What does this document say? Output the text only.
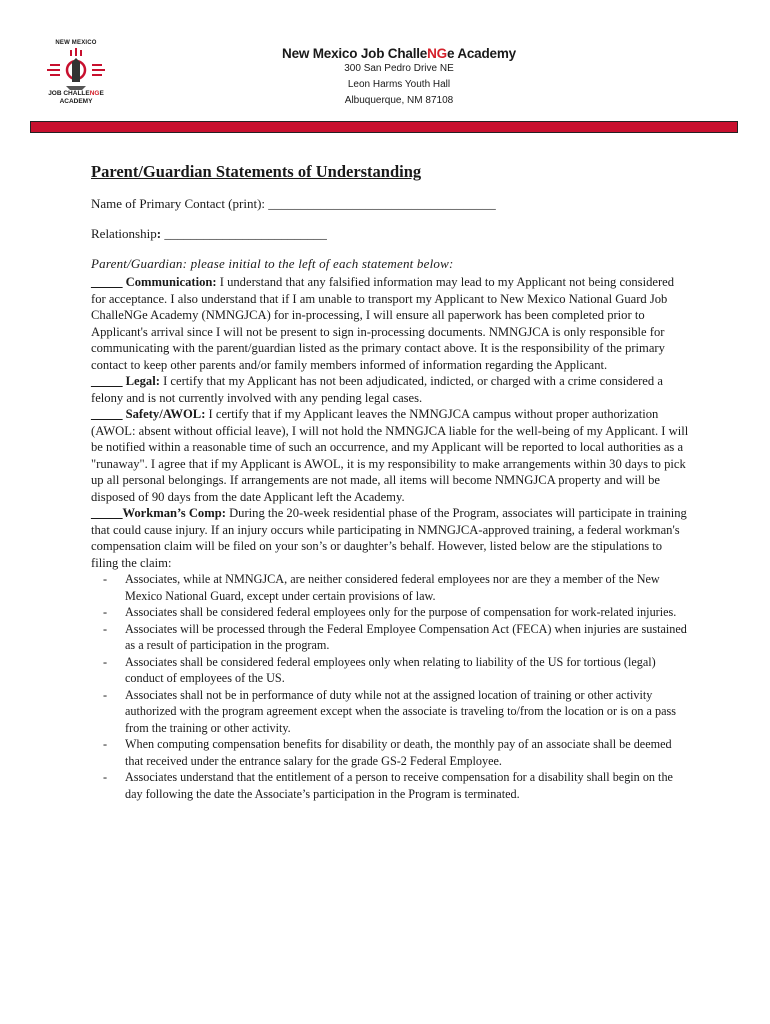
NEW MEXICO
JOB CHALLENGE
ACADEMY
New Mexico Job ChalleNGe Academy
300 San Pedro Drive NE
Leon Harms Youth Hall
Albuquerque, NM 87108
Parent/Guardian Statements of Understanding
Name of Primary Contact (print): ___________________________________
Relationship: _________________________
Parent/Guardian: please initial to the left of each statement below:

_____ Communication: I understand that any falsified information may lead to my Applicant not being considered for acceptance. I also understand that if I am unable to transport my Applicant to New Mexico National Guard Job ChalleNGe Academy (NMNGJCA) for in-processing, I will ensure all paperwork has been completed prior to Applicant's arrival since I will not be present to sign in-processing documents. NMNGJCA is only responsible for communicating with the parent/guardian listed as the primary contact above. It is the responsibility of the primary contact to keep other parents and/or family members informed of information regarding the Applicant.

_____ Legal: I certify that my Applicant has not been adjudicated, indicted, or charged with a crime considered a felony and is not currently involved with any pending legal cases.

_____ Safety/AWOL: I certify that if my Applicant leaves the NMNGJCA campus without proper authorization (AWOL: absent without official leave), I will not hold the NMNGJCA liable for the well-being of my Applicant. I will be notified within a reasonable time of such an occurrence, and my Applicant will be reported to local authorities as a "runaway". I agree that if my Applicant is AWOL, it is my responsibility to make arrangements within 30 days to pick up all personal belongings. If arrangements are not made, all items will become NMNGJCA property and will be disposed of 90 days from the date Applicant left the Academy.

_____Workman’s Comp: During the 20-week residential phase of the Program, associates will participate in training that could cause injury. If an injury occurs while participating in NMNGJCA-approved training, a federal workman's compensation claim will be filed on your son’s or daughter’s behalf. However, listed below are the stipulations to filing the claim:

- Associates, while at NMNGJCA, are neither considered federal employees nor are they a member of the New Mexico National Guard, except under certain provisions of law.
- Associates shall be considered federal employees only for the purpose of compensation for work-related injuries.
- Associates will be processed through the Federal Employee Compensation Act (FECA) when injuries are sustained as a result of participation in the program.
- Associates shall be considered federal employees only when relating to liability of the US for tortious (legal) conduct of employees of the US.
- Associates shall not be in performance of duty while not at the assigned location of training or other activity authorized with the program agreement except when the associate is traveling to/from the location or is on a pass from the training or other activity.
- When computing compensation benefits for disability or death, the monthly pay of an associate shall be deemed that received under the entrance salary for the grade GS-2 Federal Employee.
- Associates understand that the entitlement of a person to receive compensation for a disability shall begin on the day following the date the Associate’s participation in the Program is terminated.
